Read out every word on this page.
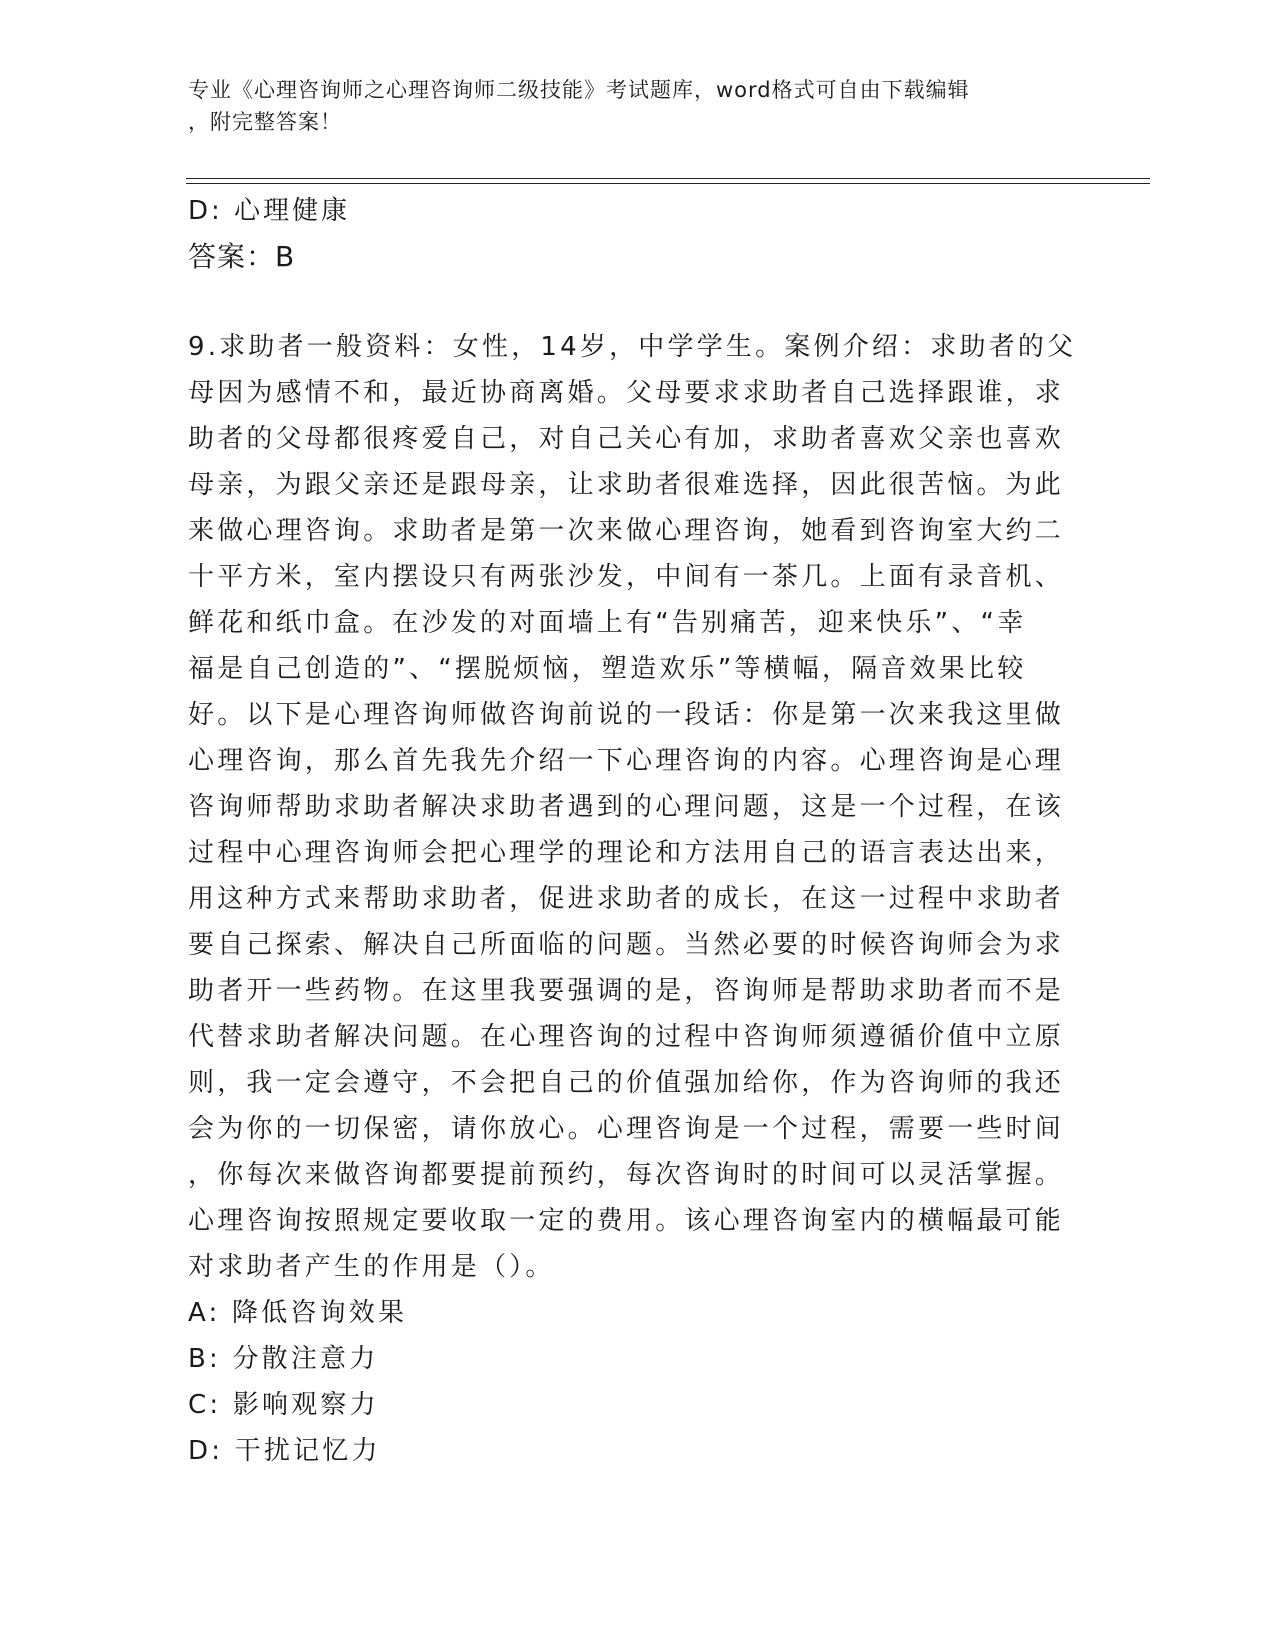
专业《心理咨询师之心理咨询师二级技能》考试题库，word格式可自由下载编辑
，附完整答案！
D: 心理健康
答案：B
9.求助者一般资料：女性，14岁，中学学生。案例介绍：求助者的父
母因为感情不和，最近协商离婚。父母要求求助者自己选择跟谁，求
助者的父母都很疼爱自己，对自己关心有加，求助者喜欢父亲也喜欢
母亲，为跟父亲还是跟母亲，让求助者很难选择，因此很苦恼。为此
来做心理咨询。求助者是第一次来做心理咨询，她看到咨询室大约二
十平方米，室内摆设只有两张沙发，中间有一茶几。上面有录音机、
鲜花和纸巾盒。在沙发的对面墙上有“告别痛苦，迎来快乐”、“幸
福是自己创造的”、“摆脱烦恼，塑造欢乐”等横幅，隔音效果比较
好。以下是心理咨询师做咨询前说的一段话：你是第一次来我这里做
心理咨询，那么首先我先介绍一下心理咨询的内容。心理咨询是心理
咨询师帮助求助者解决求助者遇到的心理问题，这是一个过程，在该
过程中心理咨询师会把心理学的理论和方法用自己的语言表达出来，
用这种方式来帮助求助者，促进求助者的成长，在这一过程中求助者
要自己探索、解决自己所面临的问题。当然必要的时候咨询师会为求
助者开一些药物。在这里我要强调的是，咨询师是帮助求助者而不是
代替求助者解决问题。在心理咨询的过程中咨询师须遵循价值中立原
则，我一定会遵守，不会把自己的价值强加给你，作为咨询师的我还
会为你的一切保密，请你放心。心理咨询是一个过程，需要一些时间
，你每次来做咨询都要提前预约，每次咨询时的时间可以灵活掌握。
心理咨询按照规定要收取一定的费用。该心理咨询室内的横幅最可能
对求助者产生的作用是（）。
A: 降低咨询效果
B: 分散注意力
C: 影响观察力
D: 干扰记忆力
